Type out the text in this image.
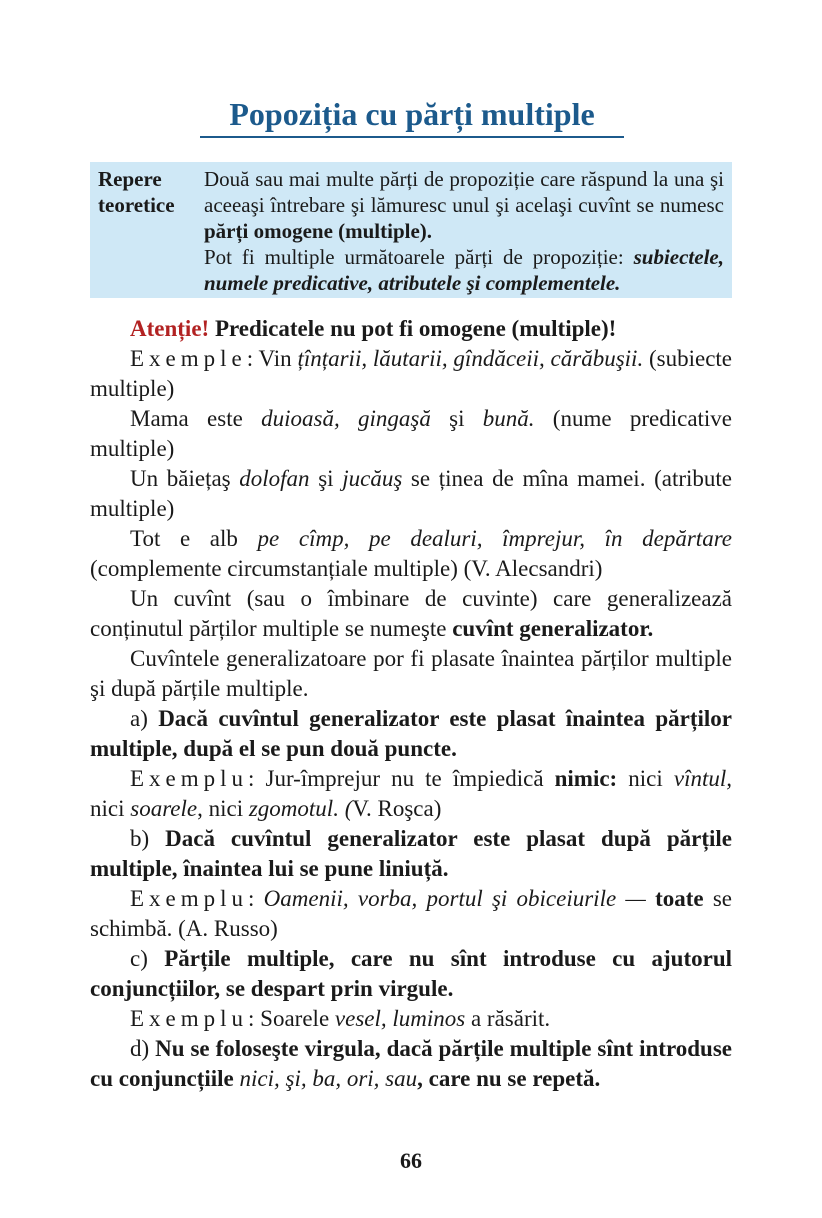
Popoziția cu părți multiple
Repere
teoretice
Două sau mai multe părți de propoziție care răspund la una şi aceeaşi întrebare şi lămuresc unul şi acelaşi cuvînt se numesc părți omogene (multiple).
Pot fi multiple următoarele părți de propoziție: subiectele, numele predicative, atributele şi complementele.

Atenție! Predicatele nu pot fi omogene (multiple)!

Exemple: Vin țînțarii, lăutarii, gîndăceii, cărăbuşii. (subiecte multiple)

Mama este duioasă, gingaşă şi bună. (nume predicative multiple)

Un băiețaş dolofan şi jucăuş se ținea de mîna mamei. (atribute multiple)

Tot e alb pe cîmp, pe dealuri, împrejur, în depărtare (complemente circumstanțiale multiple) (V. Alecsandri)

Un cuvînt (sau o îmbinare de cuvinte) care generalizează conținutul părților multiple se numeşte cuvînt generalizator.

Cuvîntele generalizatoare por fi plasate înaintea părților multiple şi după părțile multiple.

a) Dacă cuvîntul generalizator este plasat înaintea părților multiple, după el se pun două puncte.

Exemplu: Jur-împrejur nu te împiedică nimic: nici vîntul, nici soarele, nici zgomotul. (V. Roşca)

b) Dacă cuvîntul generalizator este plasat după părțile multiple, înaintea lui se pune liniuță.

Exemplu: Oamenii, vorba, portul şi obiceiurile — toate se schimbă. (A. Russo)

c) Părțile multiple, care nu sînt introduse cu ajutorul conjuncțiilor, se despart prin virgule.

Exemplu: Soarele vesel, luminos a răsărit.

d) Nu se foloseşte virgula, dacă părțile multiple sînt introduse cu conjuncțiile nici, şi, ba, ori, sau, care nu se repetă.

66
